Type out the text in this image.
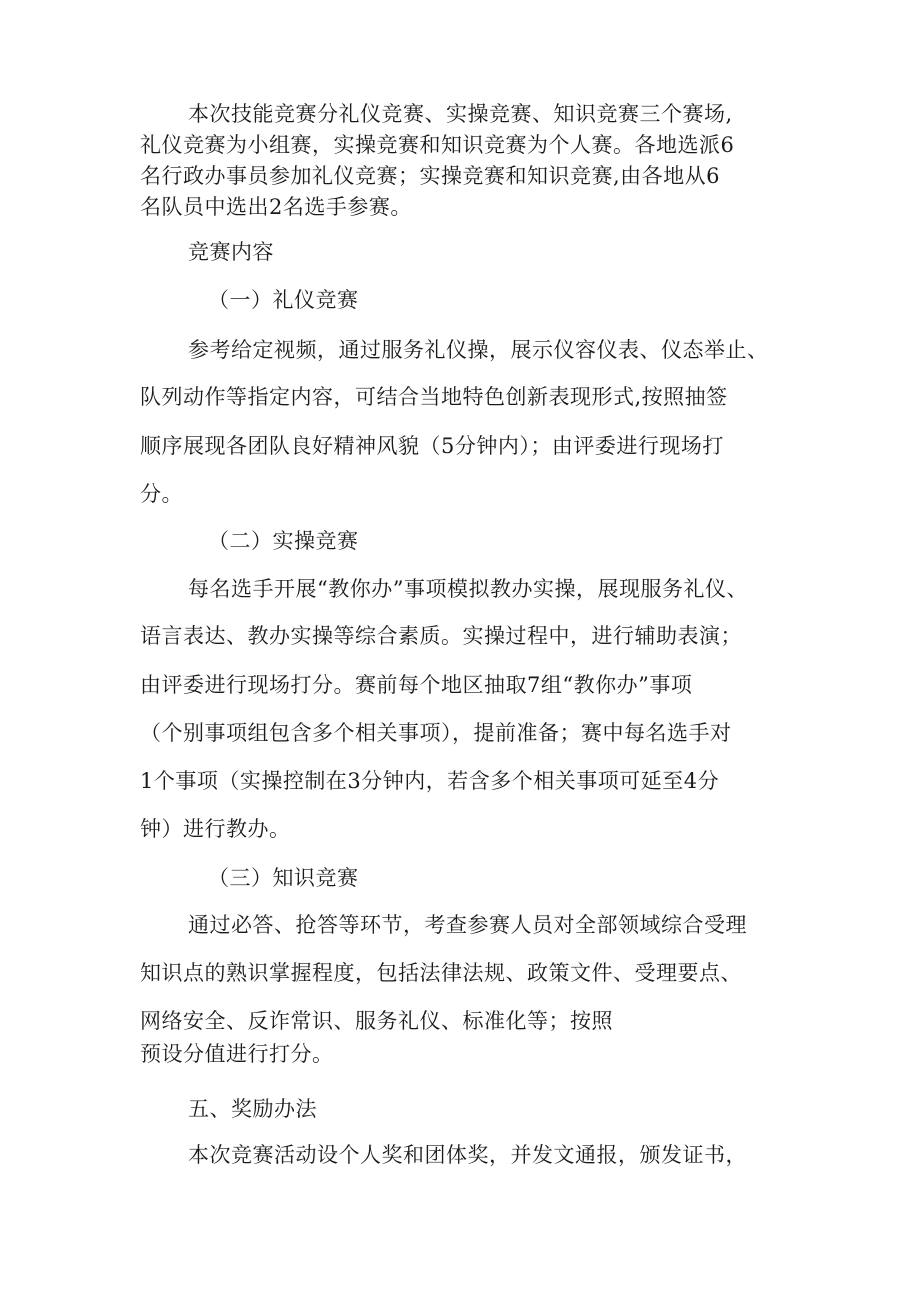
本次技能竞赛分礼仪竞赛、实操竞赛、知识竞赛三个赛场,
礼仪竞赛为小组赛，实操竞赛和知识竞赛为个人赛。各地选派6
名行政办事员参加礼仪竞赛；实操竞赛和知识竞赛,由各地从6
名队员中选出2名选手参赛。
竞赛内容
（一）礼仪竞赛
参考给定视频，通过服务礼仪操，展示仪容仪表、仪态举止、
队列动作等指定内容，可结合当地特色创新表现形式,按照抽签
顺序展现各团队良好精神风貌（5分钟内）；由评委进行现场打
分。
（二）实操竞赛
每名选手开展“教你办”事项模拟教办实操，展现服务礼仪、
语言表达、教办实操等综合素质。实操过程中，进行辅助表演；
由评委进行现场打分。赛前每个地区抽取7组“教你办”事项
（个别事项组包含多个相关事项），提前准备；赛中每名选手对
1个事项（实操控制在3分钟内，若含多个相关事项可延至4分
钟）进行教办。
（三）知识竞赛
通过必答、抢答等环节，考查参赛人员对全部领域综合受理
知识点的熟识掌握程度，包括法律法规、政策文件、受理要点、
网络安全、反诈常识、服务礼仪、标准化等；按照
预设分值进行打分。
五、奖励办法
本次竞赛活动设个人奖和团体奖，并发文通报，颁发证书，
